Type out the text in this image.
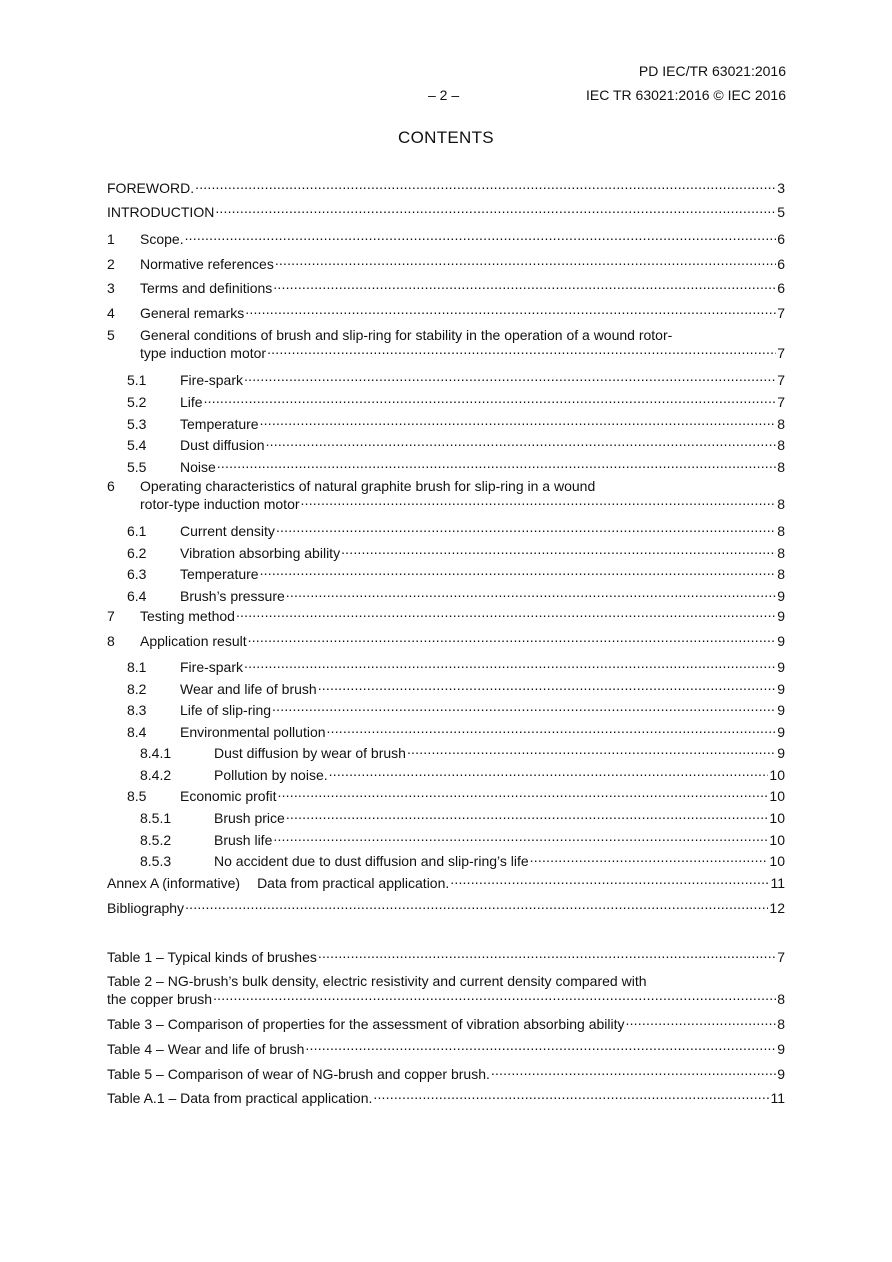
PD IEC/TR 63021:2016
– 2 –	IEC TR 63021:2016 © IEC 2016
CONTENTS
FOREWORD. .....	3
INTRODUCTION .....	5
1	Scope. .....	6
2	Normative references .....	6
3	Terms and definitions .....	6
4	General remarks .....	7
5	General conditions of brush and slip-ring for stability in the operation of a wound rotor-
type induction motor .....	7
5.1	Fire-spark .....	7
5.2	Life .....	7
5.3	Temperature .....	8
5.4	Dust diffusion .....	8
5.5	Noise .....	8
6	Operating characteristics of natural graphite brush for slip-ring in a wound
rotor-type induction motor .....	8
6.1	Current density .....	8
6.2	Vibration absorbing ability .....	8
6.3	Temperature .....	8
6.4	Brush’s pressure .....	9
7	Testing method .....	9
8	Application result .....	9
8.1	Fire-spark .....	9
8.2	Wear and life of brush .....	9
8.3	Life of slip-ring .....	9
8.4	Environmental pollution .....	9
8.4.1	Dust diffusion by wear of brush .....	9
8.4.2	Pollution by noise. .....	10
8.5	Economic profit .....	10
8.5.1	Brush price .....	10
8.5.2	Brush life .....	10
8.5.3	No accident due to dust diffusion and slip-ring’s life .....	10
Annex A (informative) Data from practical application. .....	11
Bibliography .....	12
Table 1 – Typical kinds of brushes .....	7
Table 2 – NG-brush’s bulk density, electric resistivity and current density compared with
the copper brush .....	8
Table 3 – Comparison of properties for the assessment of vibration absorbing ability .....	8
Table 4 – Wear and life of brush .....	9
Table 5 – Comparison of wear of NG-brush and copper brush. .....	9
Table A.1 – Data from practical application. .....	11
